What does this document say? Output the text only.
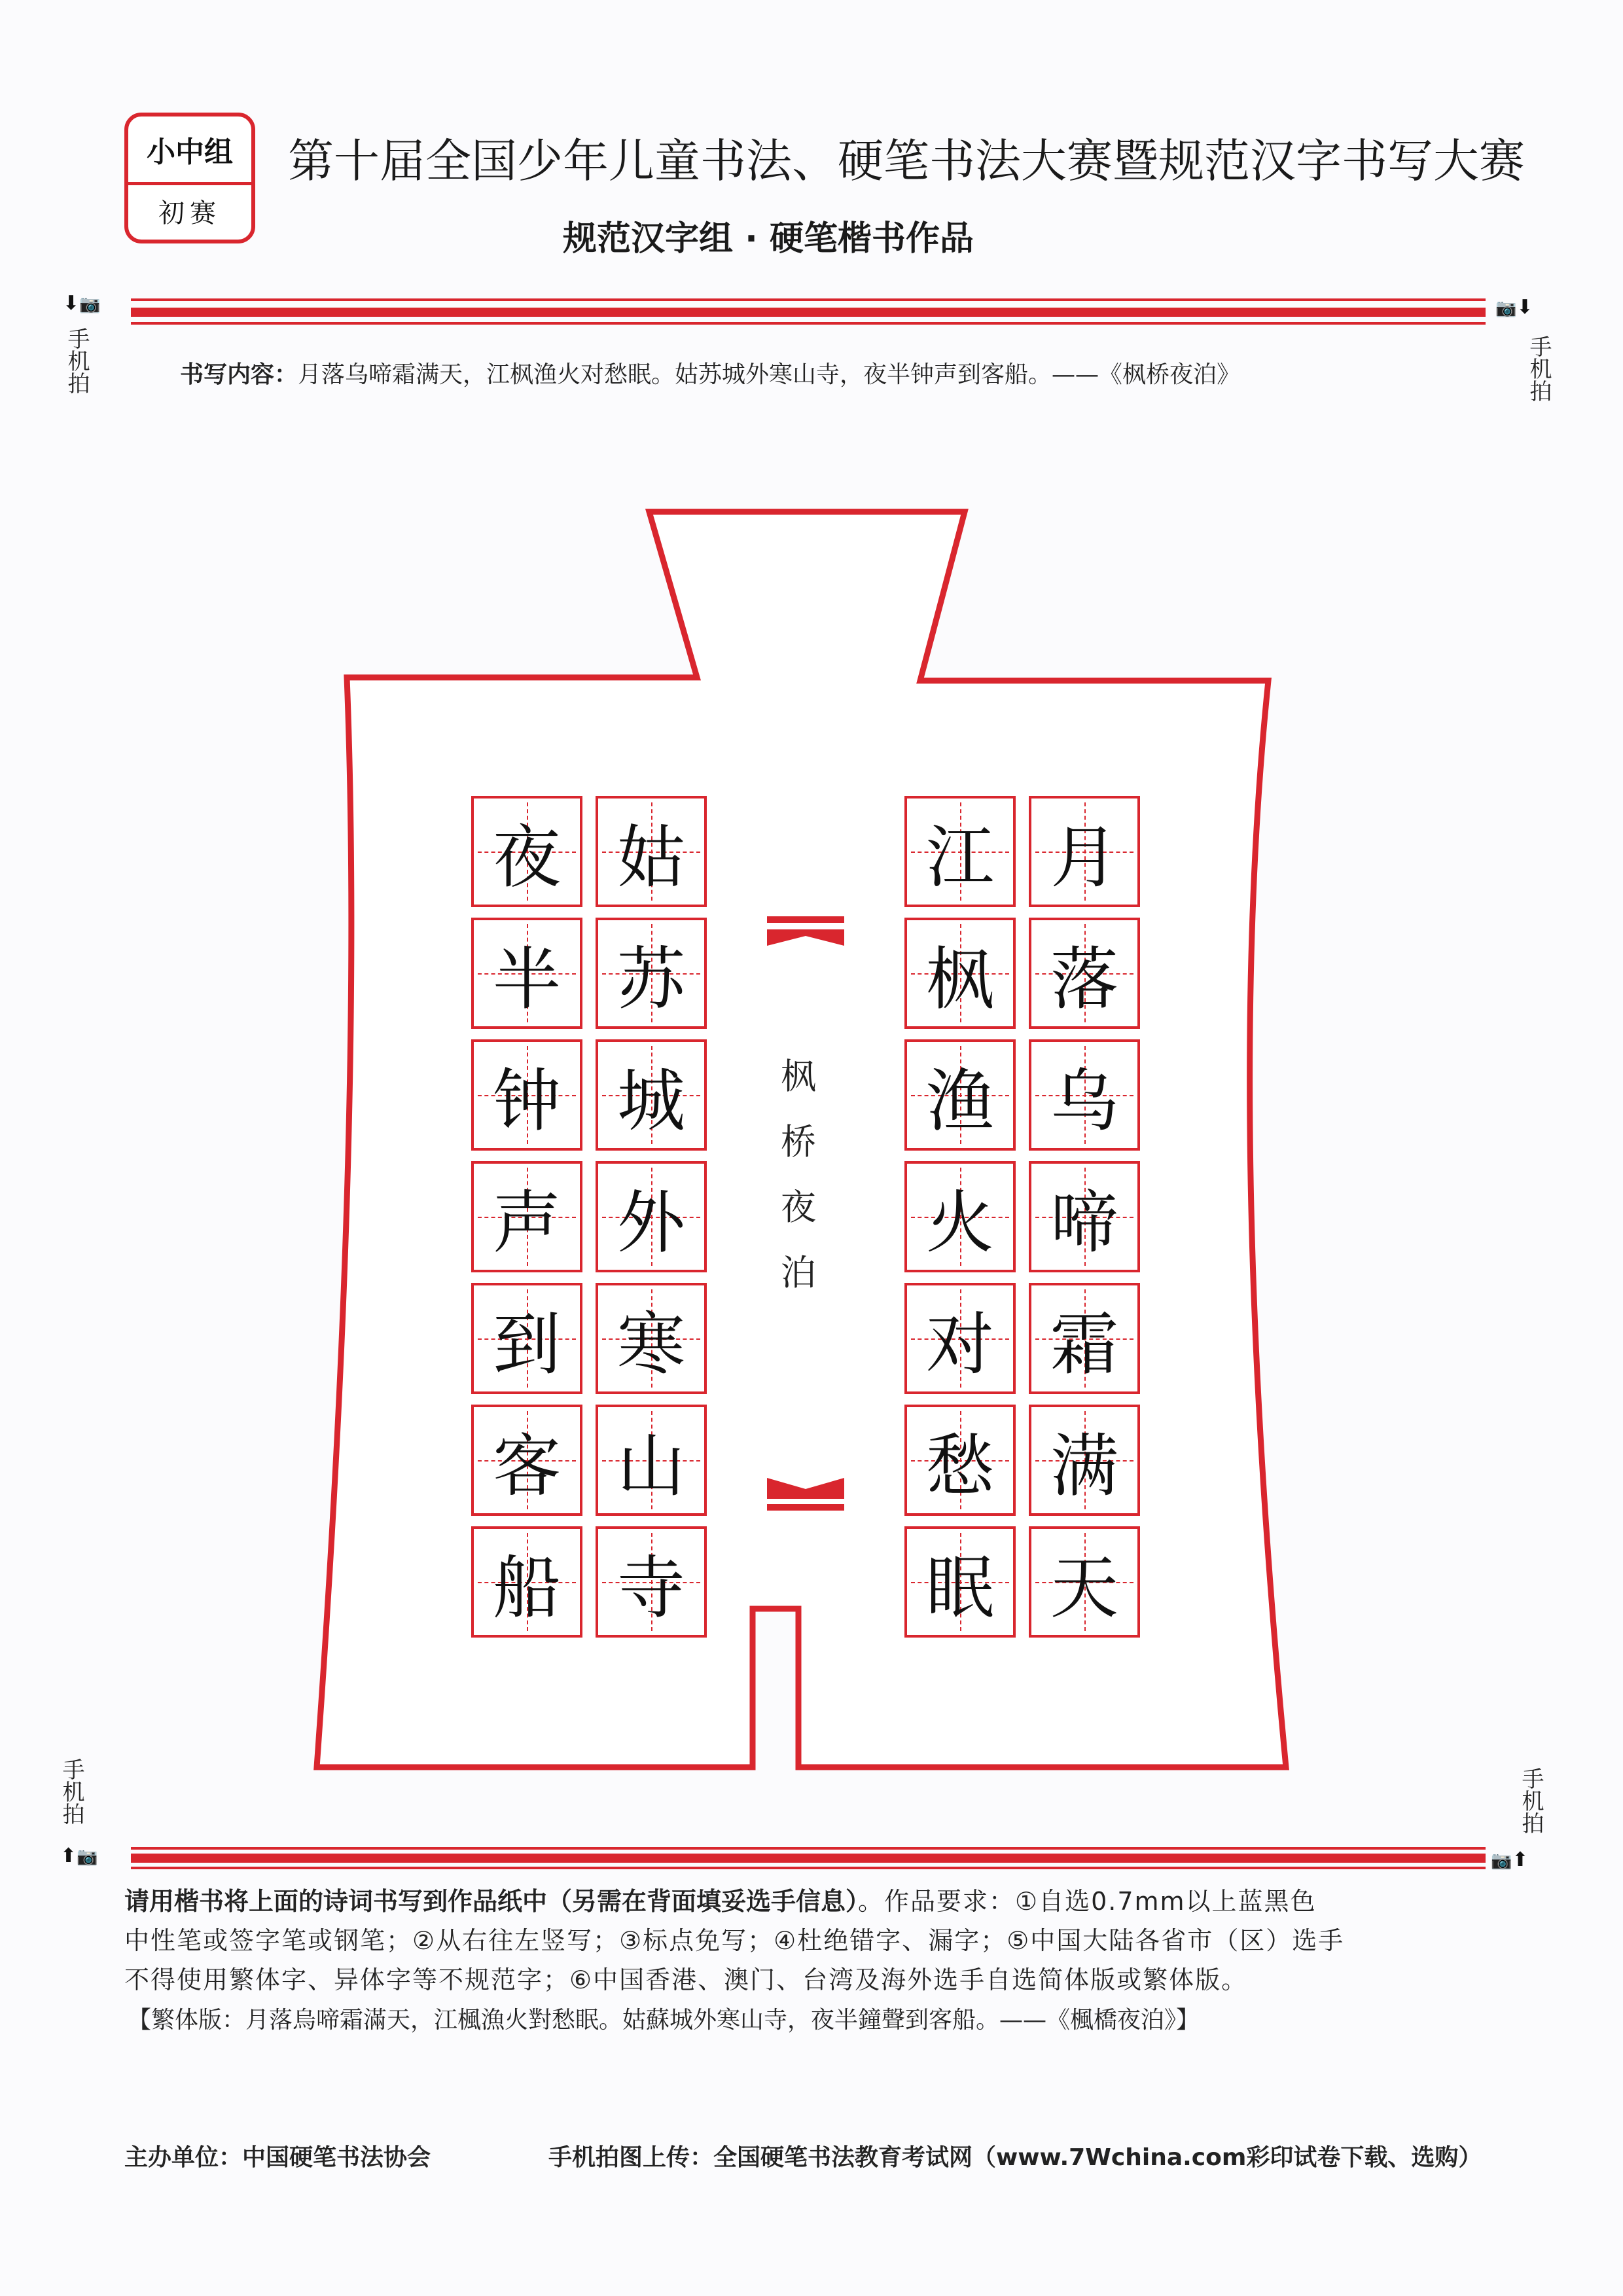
小中组
初赛
第十届全国少年儿童书法、硬笔书法大赛暨规范汉字书写大赛
规范汉字组 · 硬笔楷书作品
⬇📷
手机拍
📷⬇
手机拍
书写内容：月落乌啼霜满天，江枫渔火对愁眠。姑苏城外寒山寺，夜半钟声到客船。——《枫桥夜泊》
月
落
乌
啼
霜
满
天
江
枫
渔
火
对
愁
眠
姑
苏
城
外
寒
山
寺
夜
半
钟
声
到
客
船
枫
桥
夜
泊
手机拍
⬆📷
手机拍
📷⬆
请用楷书将上面的诗词书写到作品纸中（另需在背面填妥选手信息）。作品要求：①自选0.7mm以上蓝黑色
中性笔或签字笔或钢笔；②从右往左竖写；③标点免写；④杜绝错字、漏字；⑤中国大陆各省市（区）选手
不得使用繁体字、异体字等不规范字；⑥中国香港、澳门、台湾及海外选手自选简体版或繁体版。
【繁体版：月落烏啼霜滿天，江楓漁火對愁眠。姑蘇城外寒山寺，夜半鐘聲到客船。——《楓橋夜泊》】
主办单位：中国硬笔书法协会	手机拍图上传：全国硬笔书法教育考试网（www.7Wchina.com彩印试卷下载、选购）
